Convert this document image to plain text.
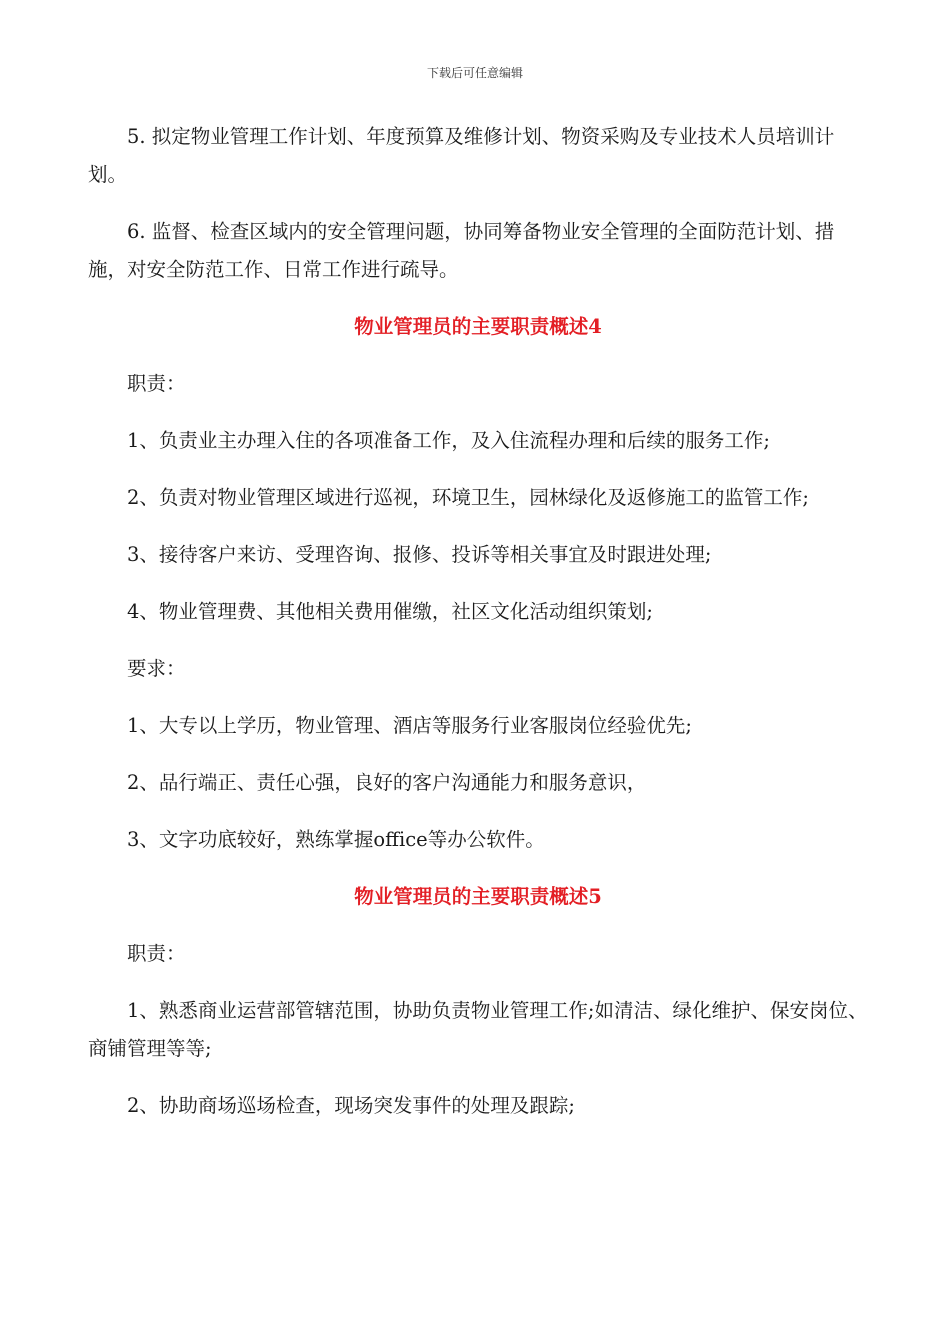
下载后可任意编辑

5. 拟定物业管理工作计划、年度预算及维修计划、物资采购及专业技术人员培训计划。

6. 监督、检查区域内的安全管理问题，协同筹备物业安全管理的全面防范计划、措施，对安全防范工作、日常工作进行疏导。

物业管理员的主要职责概述4

职责：

1、负责业主办理入住的各项准备工作，及入住流程办理和后续的服务工作;

2、负责对物业管理区域进行巡视，环境卫生，园林绿化及返修施工的监管工作;

3、接待客户来访、受理咨询、报修、投诉等相关事宜及时跟进处理;

4、物业管理费、其他相关费用催缴，社区文化活动组织策划;

要求：

1、大专以上学历，物业管理、酒店等服务行业客服岗位经验优先;

2、品行端正、责任心强，良好的客户沟通能力和服务意识，

3、文字功底较好，熟练掌握office等办公软件。

物业管理员的主要职责概述5

职责：

1、熟悉商业运营部管辖范围，协助负责物业管理工作;如清洁、绿化维护、保安岗位、商铺管理等等;

2、协助商场巡场检查，现场突发事件的处理及跟踪;
